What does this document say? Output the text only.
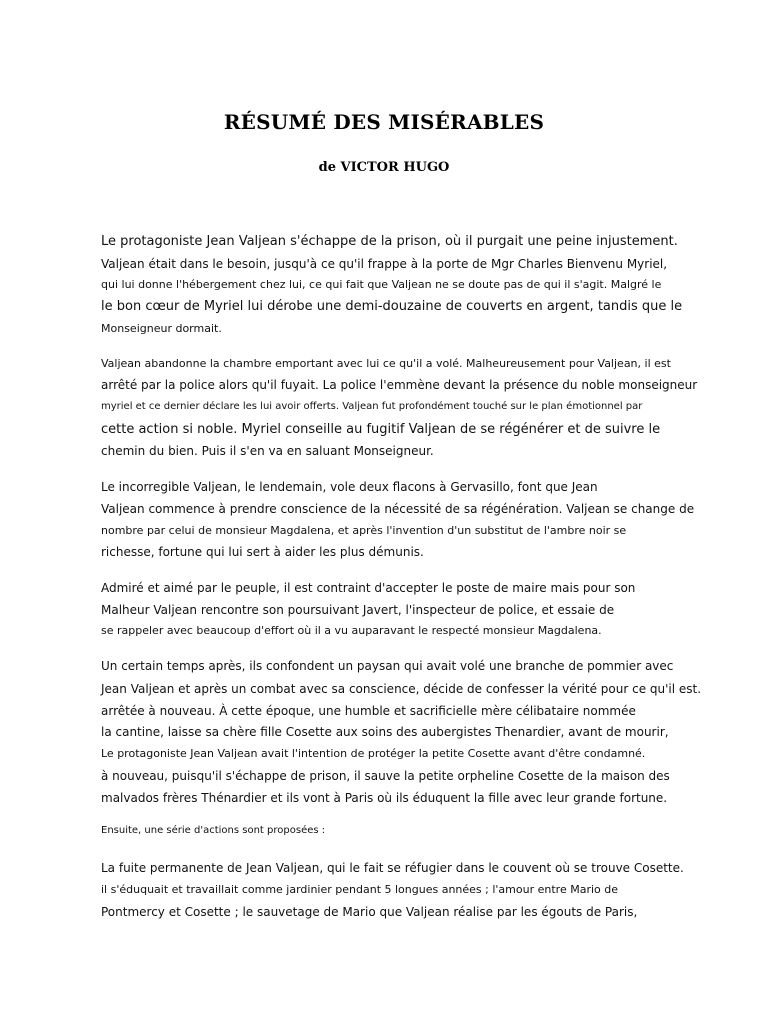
RÉSUMÉ DES MISÉRABLES
de VICTOR HUGO

Le protagoniste Jean Valjean s'échappe de la prison, où il purgait une peine injustement.

Valjean était dans le besoin, jusqu'à ce qu'il frappe à la porte de Mgr Charles Bienvenu Myriel,

qui lui donne l'hébergement chez lui, ce qui fait que Valjean ne se doute pas de qui il s'agit. Malgré le

le bon cœur de Myriel lui dérobe une demi-douzaine de couverts en argent, tandis que le

Monseigneur dormait.

Valjean abandonne la chambre emportant avec lui ce qu'il a volé. Malheureusement pour Valjean, il est

arrêté par la police alors qu'il fuyait. La police l'emmène devant la présence du noble monseigneur

myriel et ce dernier déclare les lui avoir offerts. Valjean fut profondément touché sur le plan émotionnel par

cette action si noble. Myriel conseille au fugitif Valjean de se régénérer et de suivre le

chemin du bien. Puis il s'en va en saluant Monseigneur.

Le incorregible Valjean, le lendemain, vole deux flacons à Gervasillo, font que Jean

Valjean commence à prendre conscience de la nécessité de sa régénération. Valjean se change de

nombre par celui de monsieur Magdalena, et après l'invention d'un substitut de l'ambre noir se

richesse, fortune qui lui sert à aider les plus démunis.

Admiré et aimé par le peuple, il est contraint d'accepter le poste de maire mais pour son

Malheur Valjean rencontre son poursuivant Javert, l'inspecteur de police, et essaie de

se rappeler avec beaucoup d'effort où il a vu auparavant le respecté monsieur Magdalena.

Un certain temps après, ils confondent un paysan qui avait volé une branche de pommier avec

Jean Valjean et après un combat avec sa conscience, décide de confesser la vérité pour ce qu'il est.

arrêtée à nouveau. À cette époque, une humble et sacrificielle mère célibataire nommée

la cantine, laisse sa chère fille Cosette aux soins des aubergistes Thenardier, avant de mourir,

Le protagoniste Jean Valjean avait l'intention de protéger la petite Cosette avant d'être condamné.

à nouveau, puisqu'il s'échappe de prison, il sauve la petite orpheline Cosette de la maison des

malvados frères Thénardier et ils vont à Paris où ils éduquent la fille avec leur grande fortune.

Ensuite, une série d'actions sont proposées :

La fuite permanente de Jean Valjean, qui le fait se réfugier dans le couvent où se trouve Cosette.

il s'éduquait et travaillait comme jardinier pendant 5 longues années ; l'amour entre Mario de

Pontmercy et Cosette ; le sauvetage de Mario que Valjean réalise par les égouts de Paris,
